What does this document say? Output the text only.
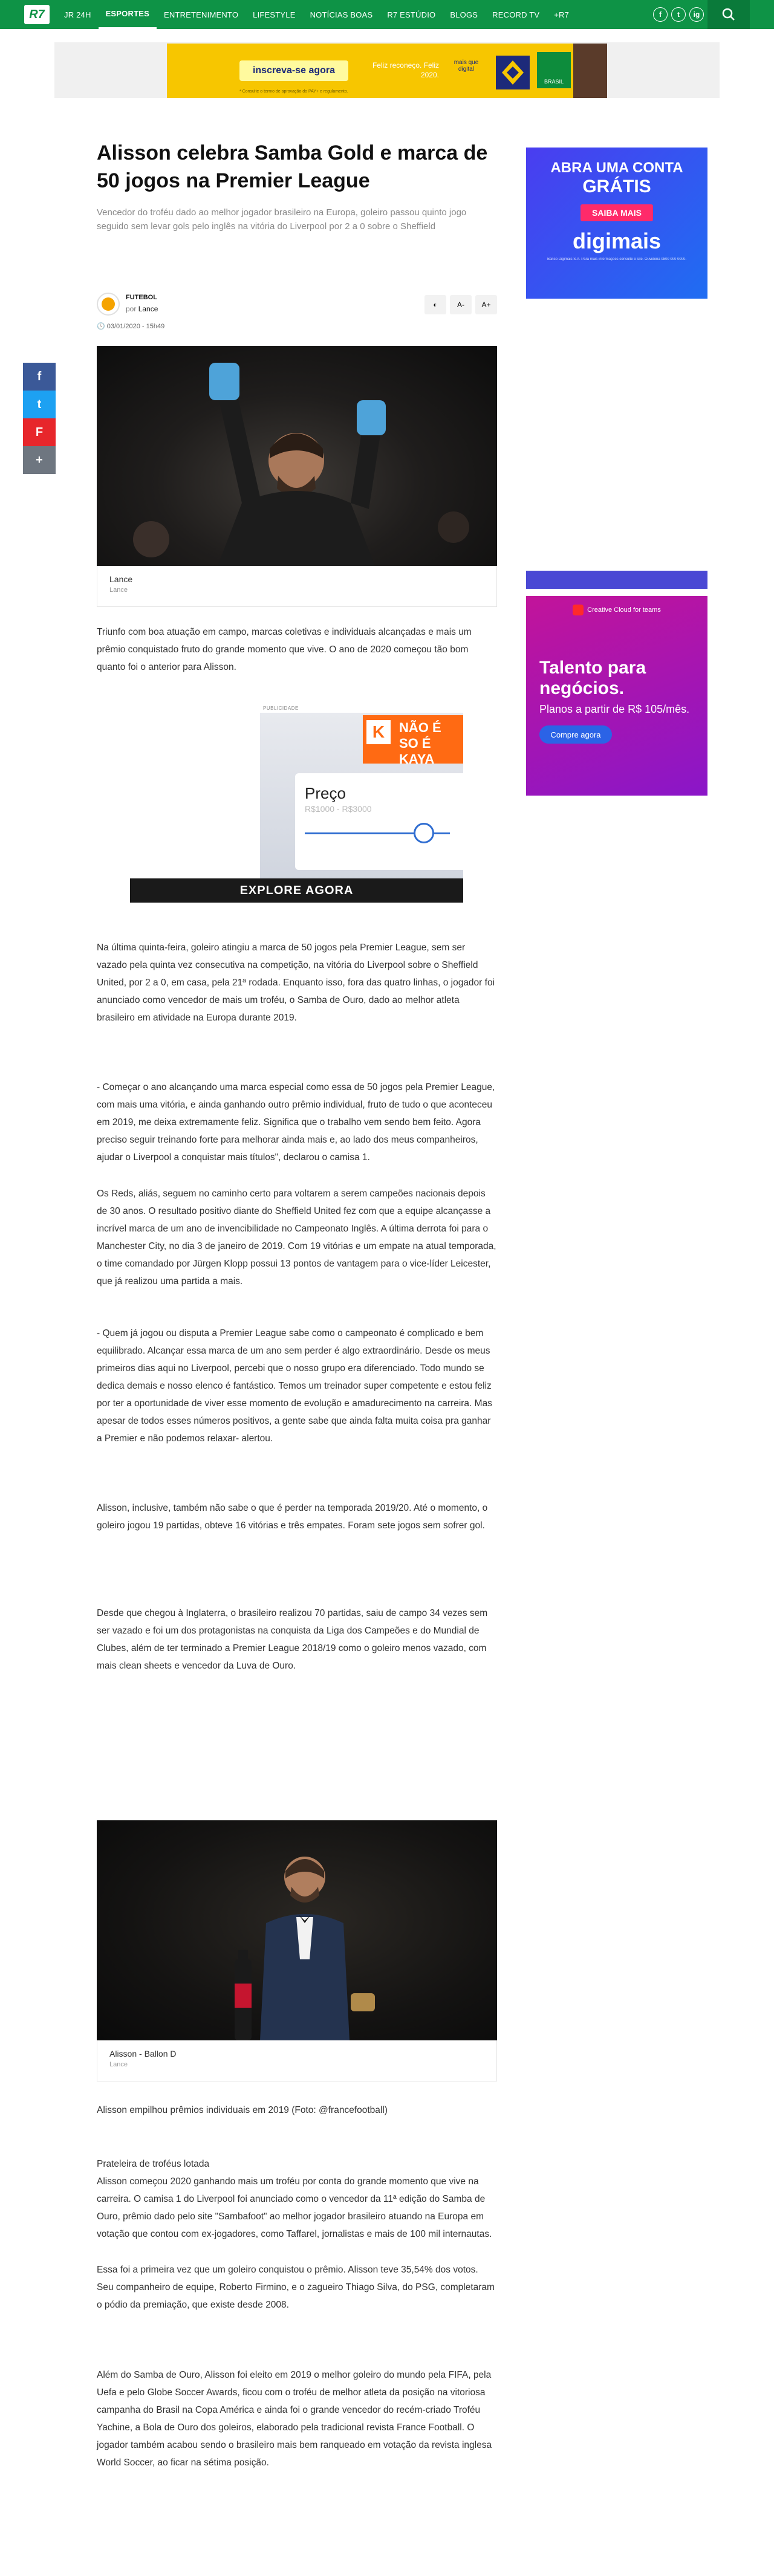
R7	JR 24H	ESPORTES	ENTRETENIMENTO	LIFESTYLE	NOTÍCIAS BOAS	R7 ESTÚDIO	BLOGS	RECORD TV	+R7	f	t	ig
inscreva-se agora	Feliz reconeço. Feliz 2020.
mais que digital
BRASIL
* Consulte o termo de aprovação do PAY+ e regulamento.
f
t
F
+
Alisson celebra Samba Gold e marca de 50 jogos na Premier League

Vencedor do troféu dado ao melhor jogador brasileiro na Europa, goleiro passou quinto jogo seguido sem levar gols pelo inglês na vitória do Liverpool por 2 a 0 sobre o Sheffield

FUTEBOL
por Lance	◐	A-	A+
🕓 03/01/2020 - 15h49
Lance
Lance

Triunfo com boa atuação em campo, marcas coletivas e individuais alcançadas e mais um prêmio conquistado fruto do grande momento que vive. O ano de 2020 começou tão bom quanto foi o anterior para Alisson.

PUBLICIDADE
NÃO É SO É KAYA
K
Preço
R$1000 - R$3000
EXPLORE AGORA

Na última quinta-feira, goleiro atingiu a marca de 50 jogos pela Premier League, sem ser vazado pela quinta vez consecutiva na competição, na vitória do Liverpool sobre o Sheffield United, por 2 a 0, em casa, pela 21ª rodada. Enquanto isso, fora das quatro linhas, o jogador foi anunciado como vencedor de mais um troféu, o Samba de Ouro, dado ao melhor atleta brasileiro em atividade na Europa durante 2019.

- Começar o ano alcançando uma marca especial como essa de 50 jogos pela Premier League, com mais uma vitória, e ainda ganhando outro prêmio individual, fruto de tudo o que aconteceu em 2019, me deixa extremamente feliz. Significa que o trabalho vem sendo bem feito. Agora preciso seguir treinando forte para melhorar ainda mais e, ao lado dos meus companheiros, ajudar o Liverpool a conquistar mais títulos", declarou o camisa 1.

Os Reds, aliás, seguem no caminho certo para voltarem a serem campeões nacionais depois de 30 anos. O resultado positivo diante do Sheffield United fez com que a equipe alcançasse a incrível marca de um ano de invencibilidade no Campeonato Inglês. A última derrota foi para o Manchester City, no dia 3 de janeiro de 2019. Com 19 vitórias e um empate na atual temporada, o time comandado por Jürgen Klopp possui 13 pontos de vantagem para o vice-líder Leicester, que já realizou uma partida a mais.

- Quem já jogou ou disputa a Premier League sabe como o campeonato é complicado e bem equilibrado. Alcançar essa marca de um ano sem perder é algo extraordinário. Desde os meus primeiros dias aqui no Liverpool, percebi que o nosso grupo era diferenciado. Todo mundo se dedica demais e nosso elenco é fantástico. Temos um treinador super competente e estou feliz por ter a oportunidade de viver esse momento de evolução e amadurecimento na carreira. Mas apesar de todos esses números positivos, a gente sabe que ainda falta muita coisa pra ganhar a Premier e não podemos relaxar- alertou.

Alisson, inclusive, também não sabe o que é perder na temporada 2019/20. Até o momento, o goleiro jogou 19 partidas, obteve 16 vitórias e três empates. Foram sete jogos sem sofrer gol.

Desde que chegou à Inglaterra, o brasileiro realizou 70 partidas, saiu de campo 34 vezes sem ser vazado e foi um dos protagonistas na conquista da Liga dos Campeões e do Mundial de Clubes, além de ter terminado a Premier League 2018/19 como o goleiro menos vazado, com mais clean sheets e vencedor da Luva de Ouro.

Alisson - Ballon D
Lance

Alisson empilhou prêmios individuais em 2019 (Foto: @francefootball)

Prateleira de troféus lotada

Alisson começou 2020 ganhando mais um troféu por conta do grande momento que vive na carreira. O camisa 1 do Liverpool foi anunciado como o vencedor da 11ª edição do Samba de Ouro, prêmio dado pelo site "Sambafoot" ao melhor jogador brasileiro atuando na Europa em votação que contou com ex-jogadores, como Taffarel, jornalistas e mais de 100 mil internautas.

Essa foi a primeira vez que um goleiro conquistou o prêmio. Alisson teve 35,54% dos votos. Seu companheiro de equipe, Roberto Firmino, e o zagueiro Thiago Silva, do PSG, completaram o pódio da premiação, que existe desde 2008.

Além do Samba de Ouro, Alisson foi eleito em 2019 o melhor goleiro do mundo pela FIFA, pela Uefa e pelo Globe Soccer Awards, ficou com o troféu de melhor atleta da posição na vitoriosa campanha do Brasil na Copa América e ainda foi o grande vencedor do recém-criado Troféu Yachine, a Bola de Ouro dos goleiros, elaborado pela tradicional revista France Football. O jogador também acabou sendo o brasileiro mais bem ranqueado em votação da revista inglesa World Soccer, ao ficar na sétima posição.

ABRA UMA CONTA
GRÁTIS
SAIBA MAIS
digimais
Banco Digimais S.A. Para mais informações consulte o site. Ouvidoria 0800 000 0000.
Creative Cloud for teams
Talento para negócios.
Planos a partir de R$ 105/mês.
Compre agora
